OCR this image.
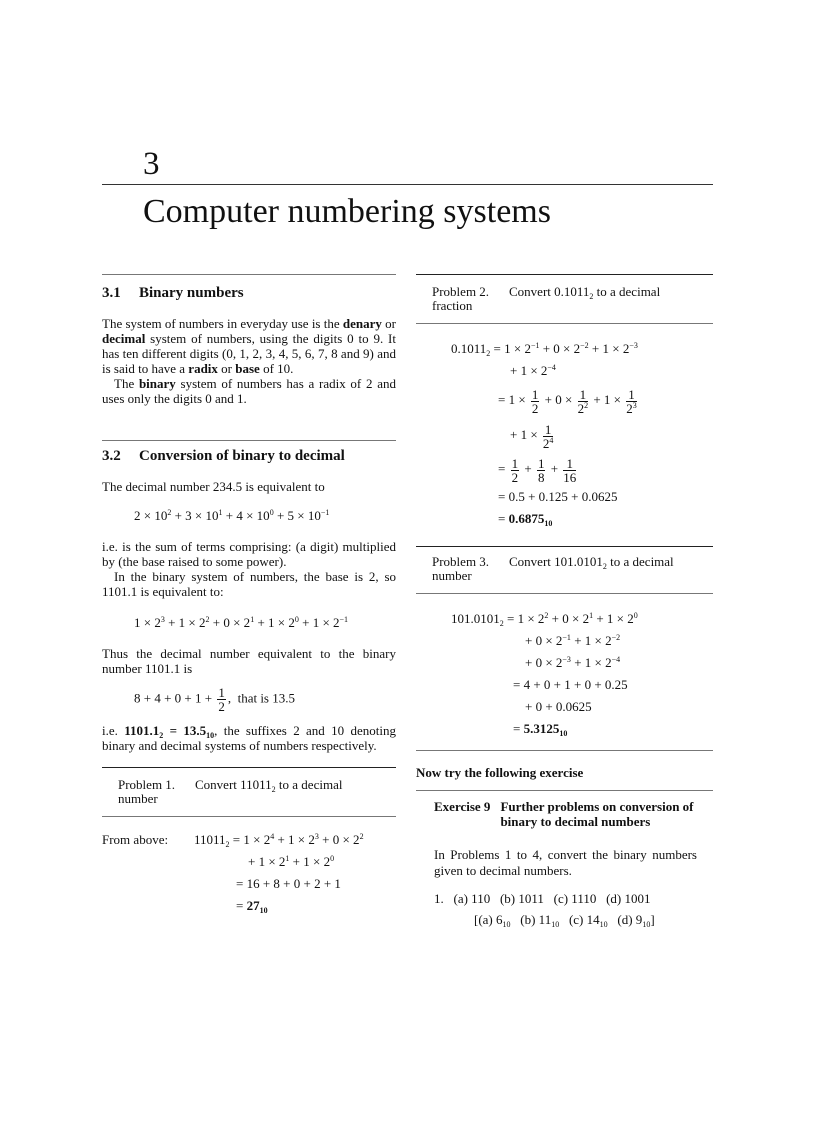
3
Computer numbering systems
3.1 Binary numbers

The system of numbers in everyday use is the denary or decimal system of numbers, using the digits 0 to 9. It has ten different digits (0, 1, 2, 3, 4, 5, 6, 7, 8 and 9) and is said to have a radix or base of 10.

The binary system of numbers has a radix of 2 and uses only the digits 0 and 1.

3.2 Conversion of binary to decimal

The decimal number 234.5 is equivalent to

$2 \times 10^2 + 3 \times 10^1 + 4 \times 10^0 + 5 \times 10^{-1}$

i.e. is the sum of terms comprising: (a digit) multiplied by (the base raised to some power).

In the binary system of numbers, the base is 2, so 1101.1 is equivalent to:

$1 \times 2^3 + 1 \times 2^2 + 0 \times 2^1 + 1 \times 2^0 + 1 \times 2^{-1}$

Thus the decimal number equivalent to the binary number 1101.1 is

$8 + 4 + 0 + 1 + \frac{1}{2}$ ,  that is 13.5

i.e. $1101.1_2 = 13.5_{10}$, the suffixes 2 and 10 denoting binary and decimal systems of numbers respectively.

Problem 1. Convert $11011_2$ to a decimal number
From above: $11011_2 = 1 \times 2^4 + 1 \times 2^3 + 0 \times 2^2$
+ $1 \times 2^1 + 1 \times 2^0$
= 16 + 8 + 0 + 2 + 1
= $27_{10}$
Problem 2. Convert $0.1011_2$ to a decimal fraction
$0.1011_2 = 1 \times 2^{-1} + 0 \times 2^{-2} + 1 \times 2^{-3}$
+ $1 \times 2^{-4}$
= $1 \times \frac{1}{2} + 0 \times \frac{1}{2^2} + 1 \times \frac{1}{2^3}$
+ $1 \times \frac{1}{2^4}$
= $\frac{1}{2} + \frac{1}{8} + \frac{1}{16}$
= 0.5 + 0.125 + 0.0625
= $0.6875_{10}$
Problem 3. Convert $101.0101_2$ to a decimal number
$101.0101_2 = 1 \times 2^2 + 0 \times 2^1 + 1 \times 2^0$
+ $0 \times 2^{-1} + 1 \times 2^{-2}$
+ $0 \times 2^{-3} + 1 \times 2^{-4}$
= 4 + 0 + 1 + 0 + 0.25
+ 0 + 0.0625
= $5.3125_{10}$
Now try the following exercise
Exercise 9 Further problems on conversion of binary to decimal numbers

In Problems 1 to 4, convert the binary numbers given to decimal numbers.

1. (a) 110   (b) 1011   (c) 1110   (d) 1001
[(a) $6_{10}$   (b) $11_{10}$   (c) $14_{10}$   (d) $9_{10}$]
